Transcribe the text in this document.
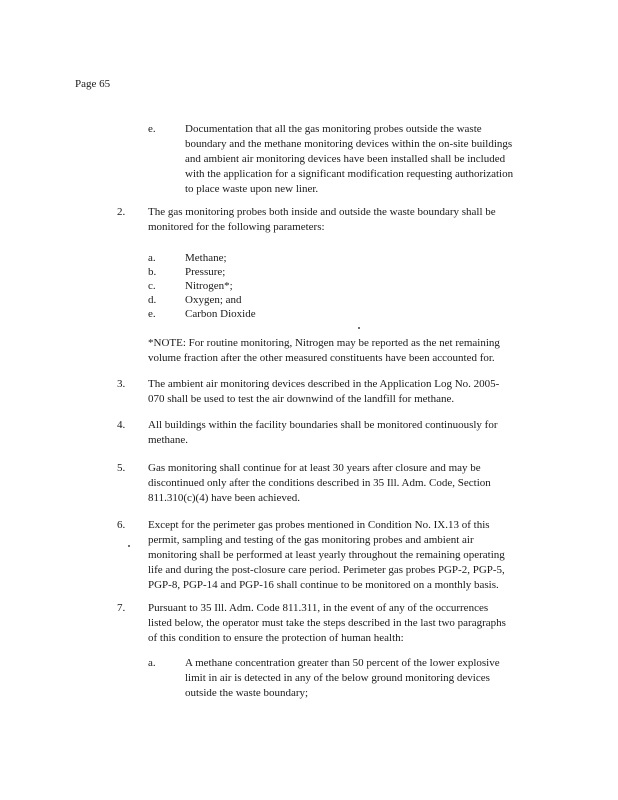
Page 65
e.	Documentation that all the gas monitoring probes outside the waste
boundary and the methane monitoring devices within the on-site buildings
and ambient air monitoring devices have been installed shall be included
with the application for a significant modification requesting authorization
to place waste upon new liner.
2. The gas monitoring probes both inside and outside the waste boundary shall be
monitored for the following parameters:
a.	Methane;
b.	Pressure;
c.	Nitrogen*;
d.	Oxygen; and
e.	Carbon Dioxide
*NOTE: For routine monitoring, Nitrogen may be reported as the net remaining
volume fraction after the other measured constituents have been accounted for.
3. The ambient air monitoring devices described in the Application Log No. 2005-
070 shall be used to test the air downwind of the landfill for methane.
4. All buildings within the facility boundaries shall be monitored continuously for
methane.
5. Gas monitoring shall continue for at least 30 years after closure and may be
discontinued only after the conditions described in 35 Ill. Adm. Code, Section
811.310(c)(4) have been achieved.
6. Except for the perimeter gas probes mentioned in Condition No. IX.13 of this
permit, sampling and testing of the gas monitoring probes and ambient air
monitoring shall be performed at least yearly throughout the remaining operating
life and during the post-closure care period. Perimeter gas probes PGP-2, PGP-5,
PGP-8, PGP-14 and PGP-16 shall continue to be monitored on a monthly basis.
7. Pursuant to 35 Ill. Adm. Code 811.311, in the event of any of the occurrences
listed below, the operator must take the steps described in the last two paragraphs
of this condition to ensure the protection of human health:
a.	A methane concentration greater than 50 percent of the lower explosive
limit in air is detected in any of the below ground monitoring devices
outside the waste boundary;
